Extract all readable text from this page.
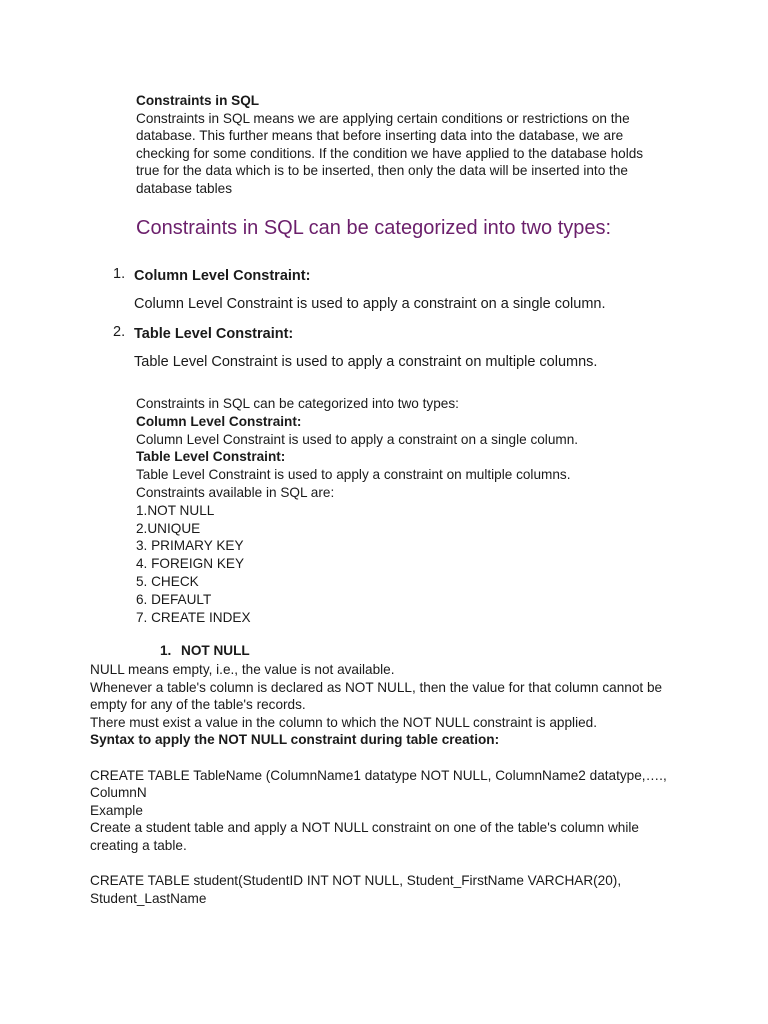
Constraints in SQL
Constraints in SQL means we are applying certain conditions or restrictions on the
database. This further means that before inserting data into the database, we are
checking for some conditions. If the condition we have applied to the database holds
true for the data which is to be inserted, then only the data will be inserted into the
database tables
Constraints in SQL can be categorized into two types:
1. Column Level Constraint:
Column Level Constraint is used to apply a constraint on a single column.
2. Table Level Constraint:
Table Level Constraint is used to apply a constraint on multiple columns.
Constraints in SQL can be categorized into two types:
Column Level Constraint:
Column Level Constraint is used to apply a constraint on a single column.
Table Level Constraint:
Table Level Constraint is used to apply a constraint on multiple columns.
Constraints available in SQL are:
1.NOT NULL
2.UNIQUE
3. PRIMARY KEY
4. FOREIGN KEY
5. CHECK
6. DEFAULT
7. CREATE INDEX
1. NOT NULL
NULL means empty, i.e., the value is not available.
Whenever a table's column is declared as NOT NULL, then the value for that column cannot be
empty for any of the table's records.
There must exist a value in the column to which the NOT NULL constraint is applied.
Syntax to apply the NOT NULL constraint during table creation:
CREATE TABLE TableName (ColumnName1 datatype NOT NULL, ColumnName2 datatype,….,
ColumnN
Example
Create a student table and apply a NOT NULL constraint on one of the table's column while
creating a table.
CREATE TABLE student(StudentID INT NOT NULL, Student_FirstName VARCHAR(20),
Student_LastName
